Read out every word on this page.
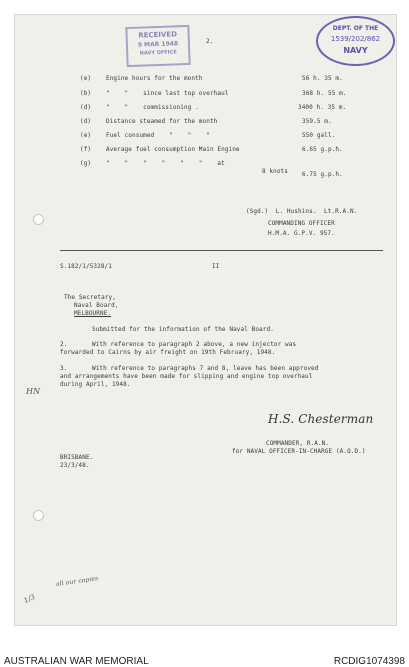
RECEIVED
9 MAR 1948
NAVY OFFICE
2.
DEPT. OF THE
1539/202/862
NAVY
(e) Engine hours for the month	56 h. 35 m.
(b) "    "    since last top overhaul	368 h. 55 m.
(d) "    "    commissioning .	3400 h. 35 m.
(d) Distance steamed for the month	359.5 m.
(e) Fuel consumed    "    "    "	550 gall.
(f) Average fuel consumption Main Engine	6.65 g.p.h.
(g) "    "    "    "    "    "    at
8 knots 6.75 g.p.h.
(Sgd.)  L. Hushins.  Lt.R.A.N.
COMMANDING OFFICER
H.M.A. G.P.V. 957.
S.182/1/5328/1	II
The Secretary,
Naval Board,
MELBOURNE.
Submitted for the information of the Naval Board.
2.	With reference to paragraph 2 above, a new injector was
forwarded to Cairns by air freight on 19th February, 1948.
3.	With reference to paragraphs 7 and 8, leave has been approved
and arrangements have been made for slipping and engine top overhaul
during April, 1948.
HN
H.S. Chesterman
COMMANDER, R.A.N.
for NAVAL OFFICER-IN-CHARGE (A.O.D.)
BRISBANE.
23/3/48.
all our copies
1/3
AUSTRALIAN WAR MEMORIAL	RCDIG1074398
